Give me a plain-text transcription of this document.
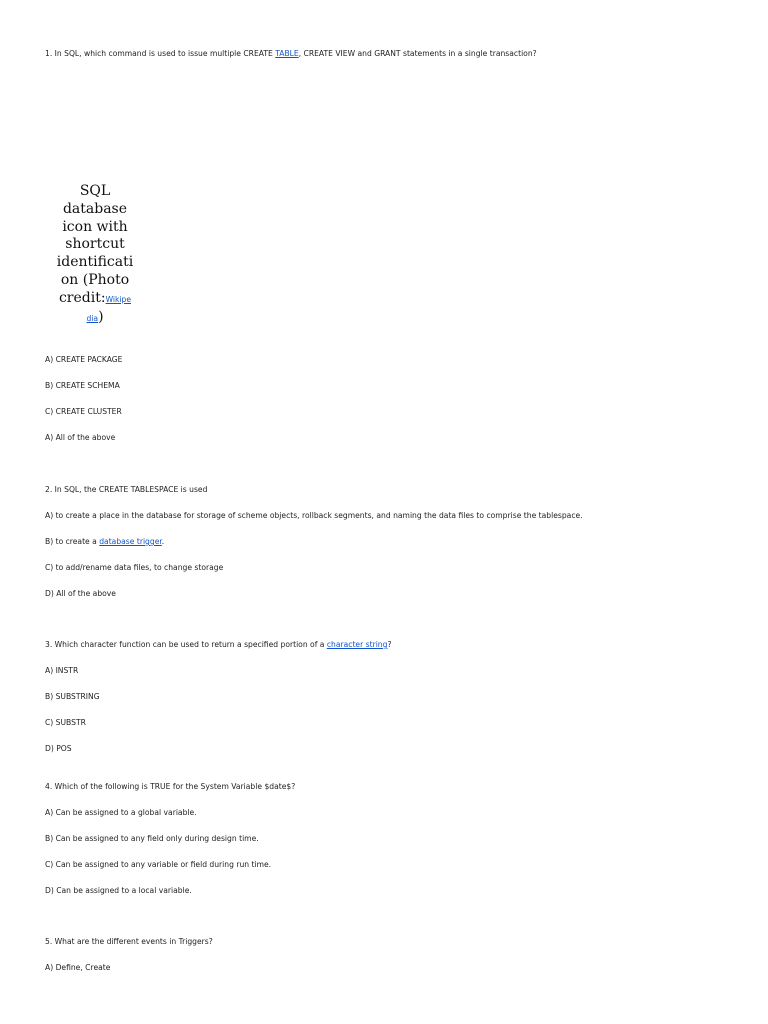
1. In SQL, which command is used to issue multiple CREATE TABLE, CREATE VIEW and GRANT statements in a single transaction?
SQL
database
icon with
shortcut
identificati
on (Photo
credit:Wikipe
dia)
A) CREATE PACKAGE
B) CREATE SCHEMA
C) CREATE CLUSTER
A) All of the above
2. In SQL, the CREATE TABLESPACE is used
A) to create a place in the database for storage of scheme objects, rollback segments, and naming the data files to comprise the tablespace.
B) to create a database trigger.
C) to add/rename data files, to change storage
D) All of the above
3. Which character function can be used to return a specified portion of a character string?
A) INSTR
B) SUBSTRING
C) SUBSTR
D) POS
4. Which of the following is TRUE for the System Variable $date$?
A) Can be assigned to a global variable.
B) Can be assigned to any field only during design time.
C) Can be assigned to any variable or field during run time.
D) Can be assigned to a local variable.
5. What are the different events in Triggers?
A) Define, Create
